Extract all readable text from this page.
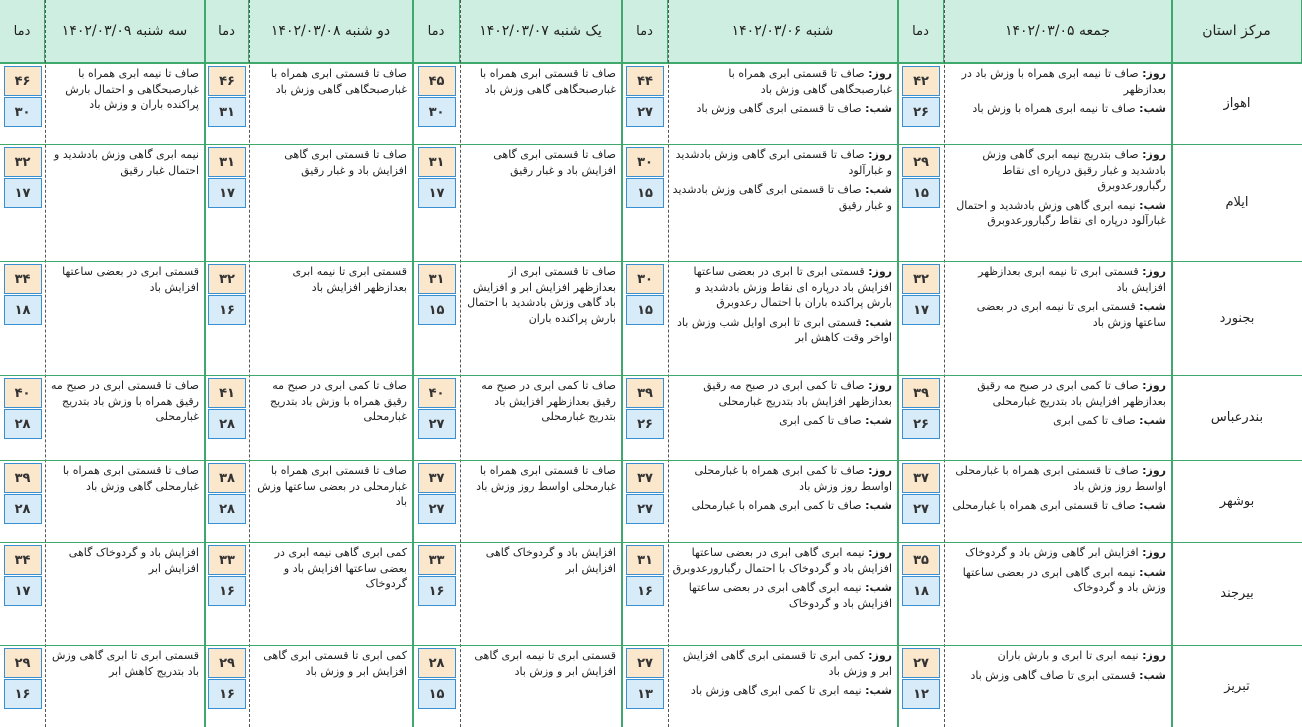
مرکز استان
جمعه ۱۴۰۲/۰۳/۰۵
دما
شنبه ۱۴۰۲/۰۳/۰۶
دما
یک شنبه ۱۴۰۲/۰۳/۰۷
دما
دو شنبه ۱۴۰۲/۰۳/۰۸
دما
سه شنبه ۱۴۰۲/۰۳/۰۹
دما
اهواز

روز: صاف تا نیمه ابری همراه با وزش باد در بعدازظهر

شب: صاف تا نیمه ابری همراه با وزش باد

۴۲
۲۶

روز: صاف تا قسمتی ابری همراه با غبارصبحگاهی گاهی وزش باد

شب: صاف تا قسمتی ابری گاهی وزش باد

۴۴
۲۷
صاف تا قسمتی ابری همراه با غبارصبحگاهی گاهی وزش باد
۴۵
۳۰
صاف تا قسمتی ابری همراه با غبارصبحگاهی گاهی وزش باد
۴۶
۳۱
صاف تا نیمه ابری همراه با غبارصبحگاهی و احتمال بارش پراکنده باران و وزش باد
۴۶
۳۰
ایلام

روز: صاف بتدریج نیمه ابری گاهی وزش بادشدید و غبار رقیق درپاره ای نقاط رگبارورعدوبرق

شب: نیمه ابری گاهی وزش بادشدید و احتمال غبارآلود درپاره ای نقاط رگبارورعدوبرق

۲۹
۱۵

روز: صاف تا قسمتی ابری گاهی وزش بادشدید و غبارآلود

شب: صاف تا قسمتی ابری گاهی وزش بادشدید و غبار رقیق

۳۰
۱۵
صاف تا قسمتی ابری گاهی افزایش باد و غبار رقیق
۳۱
۱۷
صاف تا قسمتی ابری گاهی افزایش باد و غبار رقیق
۳۱
۱۷
نیمه ابری گاهی وزش بادشدید و احتمال غبار رقیق
۳۲
۱۷
بجنورد

روز: قسمتی ابری تا نیمه ابری بعدازظهر افزایش باد

شب: قسمتی ابری تا نیمه ابری در بعضی ساعتها وزش باد

۳۲
۱۷

روز: قسمتی ابری تا ابری در بعضی ساعتها افزایش باد درپاره ای نقاط وزش بادشدید و بارش پراکنده باران با احتمال رعدوبرق

شب: قسمتی ابری تا ابری اوایل شب وزش باد اواخر وقت کاهش ابر

۳۰
۱۵
صاف تا قسمتی ابری از بعدازظهر افزایش ابر و افزایش باد گاهی وزش بادشدید با احتمال بارش پراکنده باران
۳۱
۱۵
قسمتی ابری تا نیمه ابری بعدازظهر افزایش باد
۳۲
۱۶
قسمتی ابری در بعضی ساعتها افزایش باد
۳۴
۱۸
بندرعباس

روز: صاف تا کمی ابری در صبح مه رقیق بعدازظهر افزایش باد بتدریج غبارمحلی

شب: صاف تا کمی ابری

۳۹
۲۶

روز: صاف تا کمی ابری در صبح مه رقیق بعدازظهر افزایش باد بتدریج غبارمحلی

شب: صاف تا کمی ابری

۳۹
۲۶
صاف تا کمی ابری در صبح مه رقیق بعدازظهر افزایش باد بتدریج غبارمحلی
۴۰
۲۷
صاف تا کمی ابری در صبح مه رقیق همراه با وزش باد بتدریج غبارمحلی
۴۱
۲۸
صاف تا قسمتی ابری در صبح مه رقیق همراه با وزش باد بتدریج غبارمحلی
۴۰
۲۸
بوشهر

روز: صاف تا قسمتی ابری همراه با غبارمحلی اواسط روز وزش باد

شب: صاف تا قسمتی ابری همراه با غبارمحلی

۳۷
۲۷

روز: صاف تا کمی ابری همراه با غبارمحلی اواسط روز وزش باد

شب: صاف تا کمی ابری همراه با غبارمحلی

۳۷
۲۷
صاف تا قسمتی ابری همراه با غبارمحلی اواسط روز وزش باد
۳۷
۲۷
صاف تا قسمتی ابری همراه با غبارمحلی در بعضی ساعتها وزش باد
۳۸
۲۸
صاف تا قسمتی ابری همراه با غبارمحلی گاهی وزش باد
۳۹
۲۸
بیرجند

روز: افزایش ابر گاهی وزش باد و گردوخاک

شب: نیمه ابری گاهی ابری در بعضی ساعتها وزش باد و گردوخاک

۳۵
۱۸

روز: نیمه ابری گاهی ابری در بعضی ساعتها افزایش باد و گردوخاک با احتمال رگبارورعدوبرق

شب: نیمه ابری گاهی ابری در بعضی ساعتها افزایش باد و گردوخاک

۳۱
۱۶
افزایش باد و گردوخاک گاهی افزایش ابر
۳۳
۱۶
کمی ابری گاهی نیمه ابری در بعضی ساعتها افزایش باد و گردوخاک
۳۳
۱۶
افزایش باد و گردوخاک گاهی افزایش ابر
۳۴
۱۷
تبریز

روز: نیمه ابری تا ابری و بارش باران

شب: قسمتی ابری تا صاف گاهی وزش باد

۲۷
۱۲

روز: کمی ابری تا قسمتی ابری گاهی افزایش ابر و وزش باد

شب: نیمه ابری تا کمی ابری گاهی وزش باد

۲۷
۱۳
قسمتی ابری تا نیمه ابری گاهی افزایش ابر و وزش باد
۲۸
۱۵
کمی ابری تا قسمتی ابری گاهی افزایش ابر و وزش باد
۲۹
۱۶
قسمتی ابری تا ابری گاهی وزش باد بتدریج کاهش ابر
۲۹
۱۶
